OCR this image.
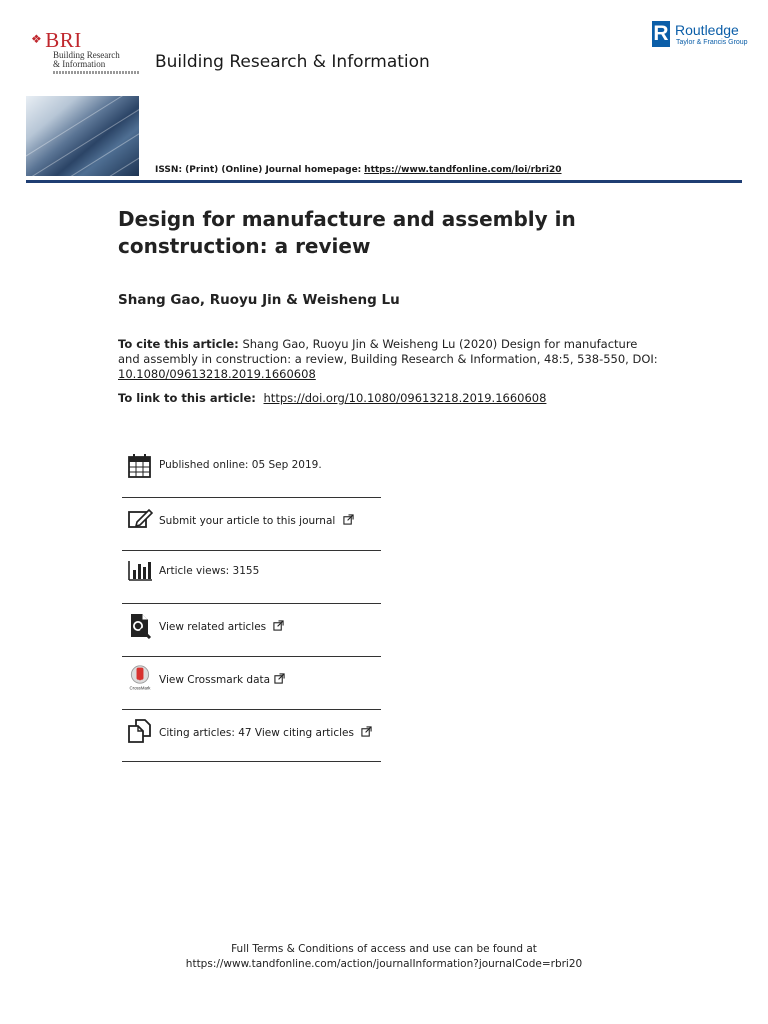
❖ BRI
Building Research
& Information	Building Research & Information
R Routledge
Taylor & Francis Group
ISSN: (Print) (Online) Journal homepage: https://www.tandfonline.com/loi/rbri20
Design for manufacture and assembly in construction: a review
Shang Gao, Ruoyu Jin & Weisheng Lu
To cite this article: Shang Gao, Ruoyu Jin & Weisheng Lu (2020) Design for manufacture and assembly in construction: a review, Building Research & Information, 48:5, 538-550, DOI: 10.1080/09613218.2019.1660608
To link to this article: https://doi.org/10.1080/09613218.2019.1660608
Published online: 05 Sep 2019.
Submit your article to this journal
Article views: 3155
View related articles
CrossMark
View Crossmark data
Citing articles: 47 View citing articles
Full Terms & Conditions of access and use can be found at
https://www.tandfonline.com/action/journalInformation?journalCode=rbri20
